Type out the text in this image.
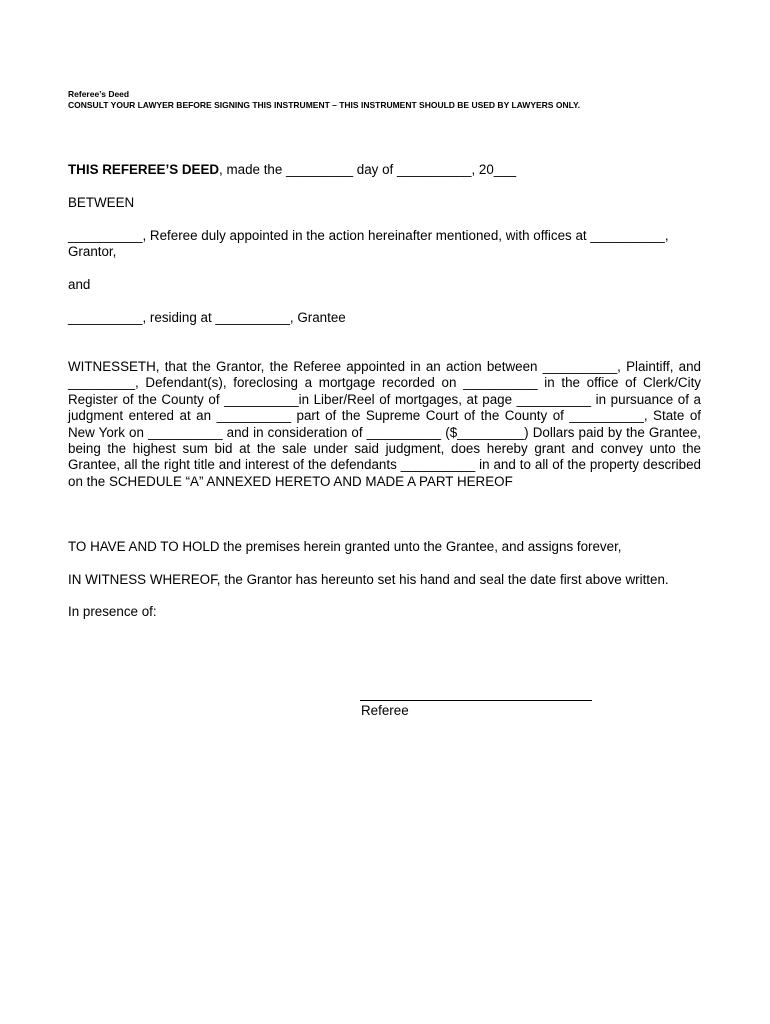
Referee’s Deed
CONSULT YOUR LAWYER BEFORE SIGNING THIS INSTRUMENT – THIS INSTRUMENT SHOULD BE USED BY LAWYERS ONLY.
THIS REFEREE’S DEED, made the _________ day of __________, 20___
BETWEEN
__________, Referee duly appointed in the action hereinafter mentioned, with offices at __________,
Grantor,
and
__________, residing at __________, Grantee
WITNESSETH, that the Grantor, the Referee appointed in an action between __________, Plaintiff, and _________, Defendant(s), foreclosing a mortgage recorded on __________ in the office of Clerk/City Register of the County of __________in Liber/Reel of mortgages, at page __________ in pursuance of a judgment entered at an __________ part of the Supreme Court of the County of __________, State of New York on __________ and in consideration of __________ ($_________) Dollars paid by the Grantee, being the highest sum bid at the sale under said judgment, does hereby grant and convey unto the Grantee, all the right title and interest of the defendants __________ in and to all of the property described on the SCHEDULE “A” ANNEXED HERETO AND MADE A PART HEREOF
TO HAVE AND TO HOLD the premises herein granted unto the Grantee, and assigns forever,
IN WITNESS WHEREOF, the Grantor has hereunto set his hand and seal the date first above written.
In presence of:
Referee
